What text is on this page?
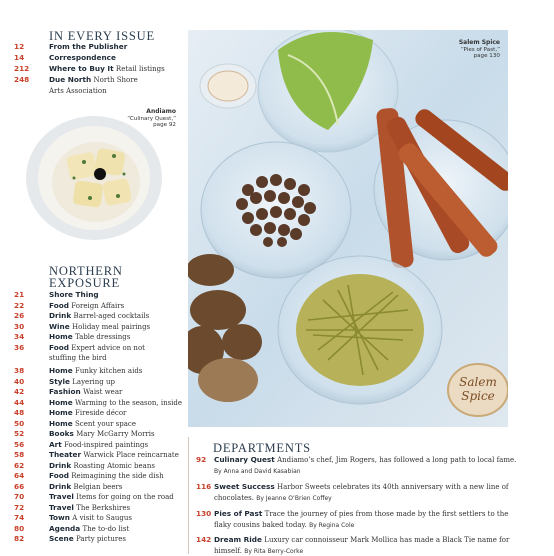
IN EVERY ISSUE
12	From the Publisher
14	Correspondence
212	Where to Buy It Retail listings
248	Due North North Shore Arts Association
Andiamo
“Culinary Quest,”
page 92
NORTHERN
EXPOSURE
21	Shore Thing
22	Food Foreign Affairs
26	Drink Barrel-aged cocktails
30	Wine Holiday meal pairings
34	Home Table dressings
36	Food Expert advice on not stuffing the bird
38	Home Funky kitchen aids
40	Style Layering up
42	Fashion Waist wear
44	Home Warming to the season, inside
48	Home Fireside décor
50	Home Scent your space
52	Books Mary McGarry Morris
56	Art Food-inspired paintings
58	Theater Warwick Place reincarnate
62	Drink Roasting Atomic beans
64	Food Reimagining the side dish
66	Drink Belgian beers
70	Travel Items for going on the road
72	Travel The Berkshires
74	Town A visit to Saugus
80	Agenda The to-do list
82	Scene Party pictures
Salem
Spice
Salem Spice
“Pies of Past,”
page 130
DEPARTMENTS
92 Culinary Quest Andiamo’s chef, Jim Rogers, has followed a long path to local fame. By Anna and David Kasabian
116 Sweet Success Harbor Sweets celebrates its 40th anniversary with a new line of chocolates. By Jeanne O’Brien Coffey
130 Pies of Past Trace the journey of pies from those made by the first settlers to the flaky cousins baked today. By Regina Cole
142 Dream Ride Luxury car connoisseur Mark Mollica has made a Black Tie name for himself. By Rita Berry-Corke
